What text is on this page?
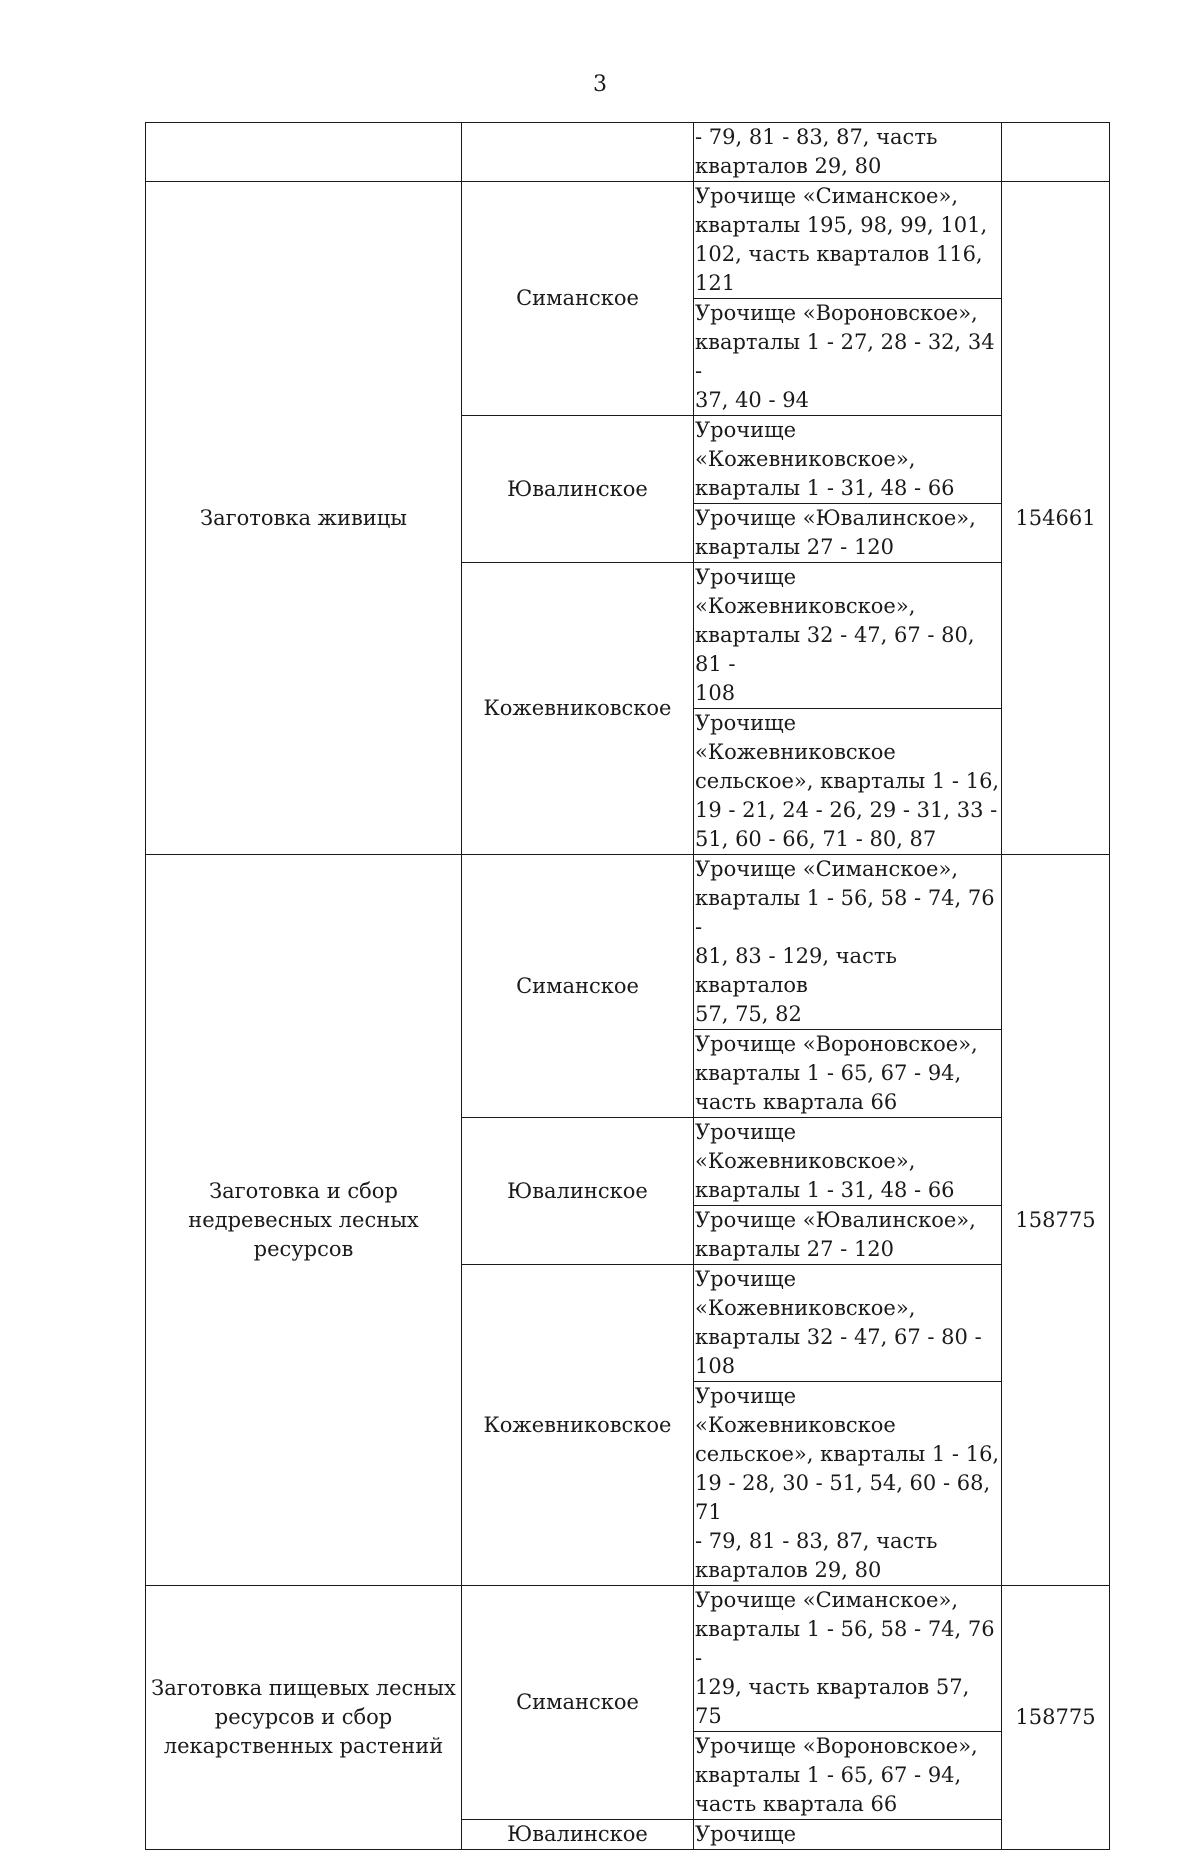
3
		- 79, 81 - 83, 87, часть
кварталов 29, 80	
Заготовка живицы	Симанское	Урочище «Симанское»,
кварталы 195, 98, 99, 101,
102, часть кварталов 116, 121	154661
		Урочище «Вороновское»,
кварталы 1 - 27, 28 - 32, 34 -
37, 40 - 94	
	Ювалинское	Урочище
«Кожевниковское»,
кварталы 1 - 31, 48 - 66	
		Урочище «Ювалинское»,
кварталы 27 - 120	
	Кожевниковское	Урочище
«Кожевниковское»,
кварталы 32 - 47, 67 - 80, 81 -
108	
		Урочище «Кожевниковское
сельское», кварталы 1 - 16,
19 - 21, 24 - 26, 29 - 31, 33 -
51, 60 - 66, 71 - 80, 87	
Заготовка и сбор
недревесных лесных ресурсов	Симанское	Урочище «Симанское»,
кварталы 1 - 56, 58 - 74, 76 -
81, 83 - 129, часть кварталов
57, 75, 82	158775
		Урочище «Вороновское»,
кварталы 1 - 65, 67 - 94,
часть квартала 66	
	Ювалинское	Урочище
«Кожевниковское»,
кварталы 1 - 31, 48 - 66	
		Урочище «Ювалинское»,
кварталы 27 - 120	
	Кожевниковское	Урочище
«Кожевниковское»,
кварталы 32 - 47, 67 - 80 -
108	
		Урочище «Кожевниковское
сельское», кварталы 1 - 16,
19 - 28, 30 - 51, 54, 60 - 68, 71
- 79, 81 - 83, 87, часть
кварталов 29, 80	
Заготовка пищевых лесных
ресурсов и сбор
лекарственных растений	Симанское	Урочище «Симанское»,
кварталы 1 - 56, 58 - 74, 76 -
129, часть кварталов 57, 75	158775
		Урочище «Вороновское»,
кварталы 1 - 65, 67 - 94,
часть квартала 66	
	Ювалинское	Урочище	
